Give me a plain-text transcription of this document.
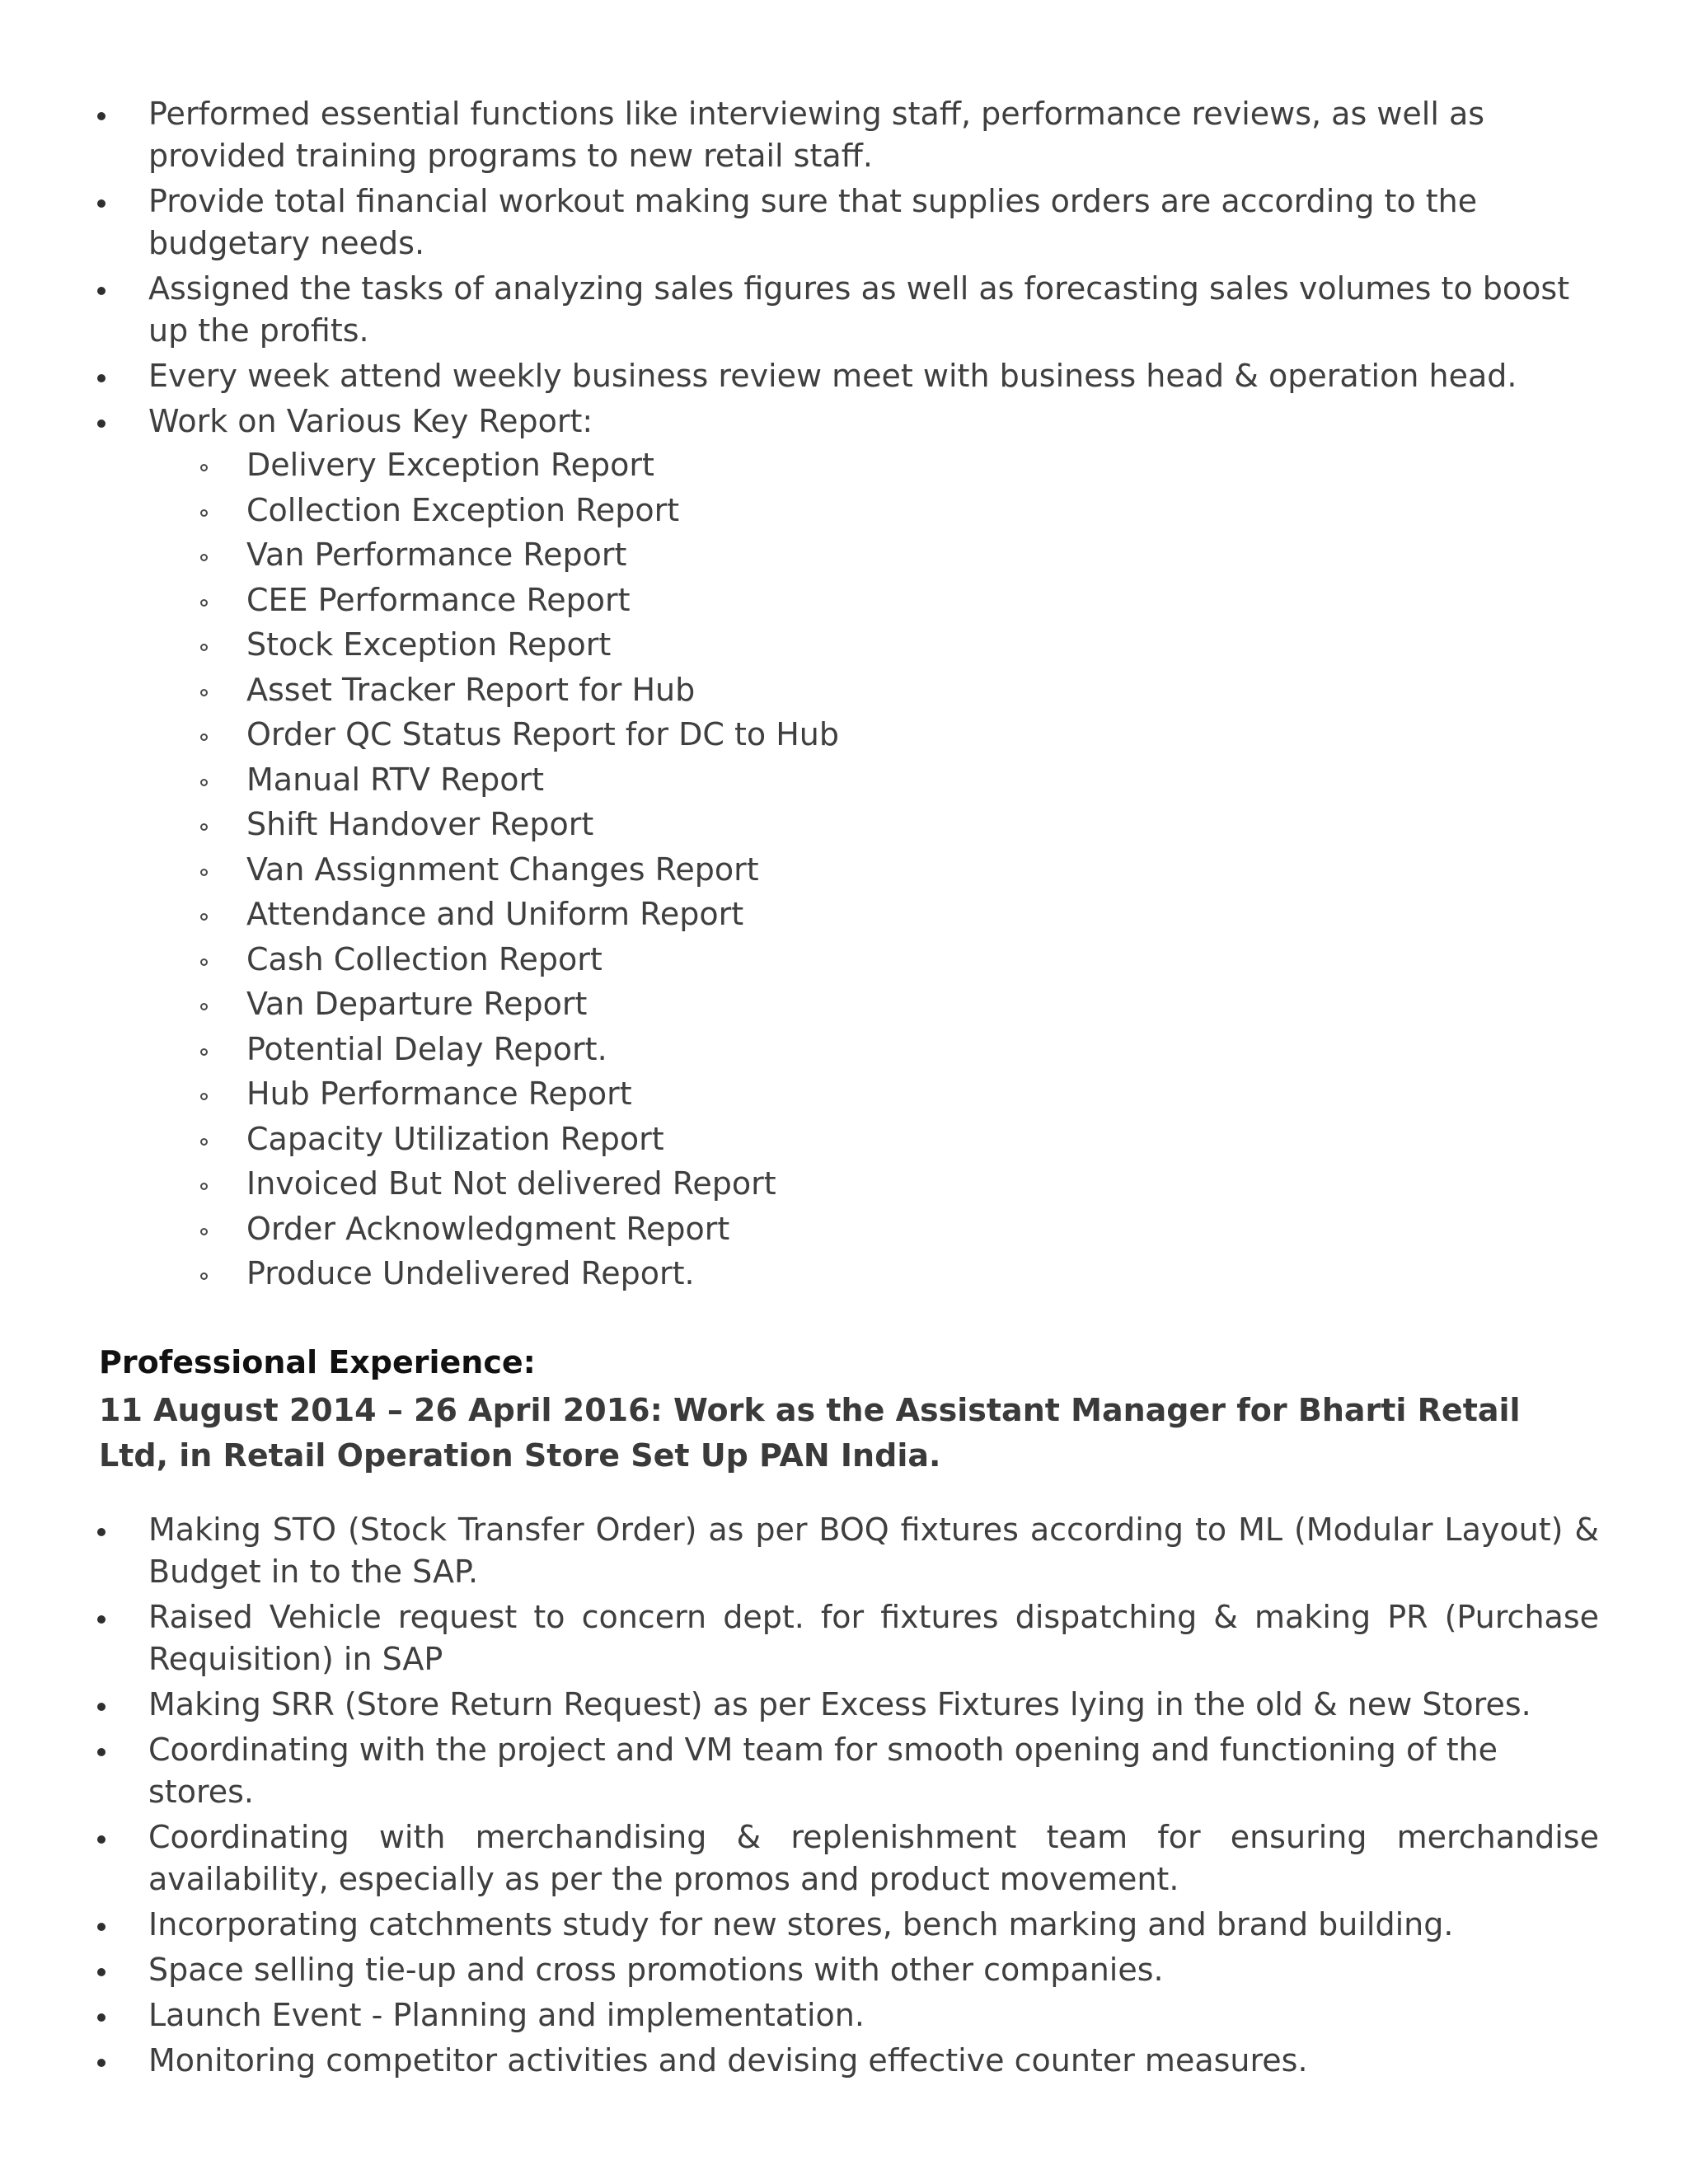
Performed essential functions like interviewing staff, performance reviews, as well as provided training programs to new retail staff.
Provide total financial workout making sure that supplies orders are according to the budgetary needs.
Assigned the tasks of analyzing sales figures as well as forecasting sales volumes to boost up the profits.
Every week attend weekly business review meet with business head & operation head.
Work on Various Key Report:
Delivery Exception Report
Collection Exception Report
Van Performance Report
CEE Performance Report
Stock Exception Report
Asset Tracker Report for Hub
Order QC Status Report for DC to Hub
Manual RTV Report
Shift Handover Report
Van Assignment Changes Report
Attendance and Uniform Report
Cash Collection Report
Van Departure Report
Potential Delay Report.
Hub Performance Report
Capacity Utilization Report
Invoiced But Not delivered Report
Order Acknowledgment Report
Produce Undelivered Report.
Professional Experience:
11 August 2014 – 26 April 2016: Work as the Assistant Manager for Bharti Retail Ltd, in Retail Operation Store Set Up PAN India.
Making STO (Stock Transfer Order) as per BOQ fixtures according to ML (Modular Layout) & Budget in to the SAP.
Raised Vehicle request to concern dept. for fixtures dispatching & making PR (Purchase Requisition) in SAP
Making SRR (Store Return Request) as per Excess Fixtures lying in the old & new Stores.
Coordinating with the project and VM team for smooth opening and functioning of the stores.
Coordinating with merchandising & replenishment team for ensuring merchandise availability, especially as per the promos and product movement.
Incorporating catchments study for new stores, bench marking and brand building.
Space selling tie-up and cross promotions with other companies.
Launch Event - Planning and implementation.
Monitoring competitor activities and devising effective counter measures.
